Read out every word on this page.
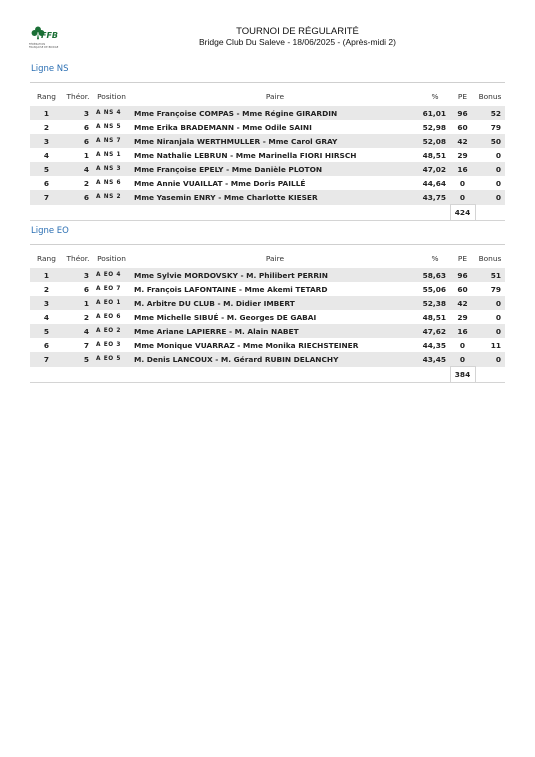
FFB
FÉDÉRATION FRANÇAISE DE BRIDGE
TOURNOI DE RÉGULARITÉ
Bridge Club Du Saleve - 18/06/2025 - (Après-midi 2)
Ligne NS
Rang	Théor.	Position	Paire	%	PE	Bonus
1	3	A NS 4	Mme Françoise COMPAS - Mme Régine GIRARDIN	61,01	96	52
2	6	A NS 5	Mme Erika BRADEMANN - Mme Odile SAINI	52,98	60	79
3	6	A NS 7	Mme Niranjala WERTHMULLER - Mme Carol GRAY	52,08	42	50
4	1	A NS 1	Mme Nathalie LEBRUN - Mme Marinella FIORI HIRSCH	48,51	29	0
5	4	A NS 3	Mme Françoise EPELY - Mme Danièle PLOTON	47,02	16	0
6	2	A NS 6	Mme Annie VUAILLAT - Mme Doris PAILLÉ	44,64	0	0
7	6	A NS 2	Mme Yasemin ENRY - Mme Charlotte KIESER	43,75	0	0
					424	
Ligne EO
Rang	Théor.	Position	Paire	%	PE	Bonus
1	3	A EO 4	Mme Sylvie MORDOVSKY - M. Philibert PERRIN	58,63	96	51
2	6	A EO 7	M. François LAFONTAINE - Mme Akemi TETARD	55,06	60	79
3	1	A EO 1	M. Arbitre DU CLUB - M. Didier IMBERT	52,38	42	0
4	2	A EO 6	Mme Michelle SIBUÉ - M. Georges DE GABAI	48,51	29	0
5	4	A EO 2	Mme Ariane LAPIERRE - M. Alain NABET	47,62	16	0
6	7	A EO 3	Mme Monique VUARRAZ - Mme Monika RIECHSTEINER	44,35	0	11
7	5	A EO 5	M. Denis LANCOUX - M. Gérard RUBIN DELANCHY	43,45	0	0
					384	
